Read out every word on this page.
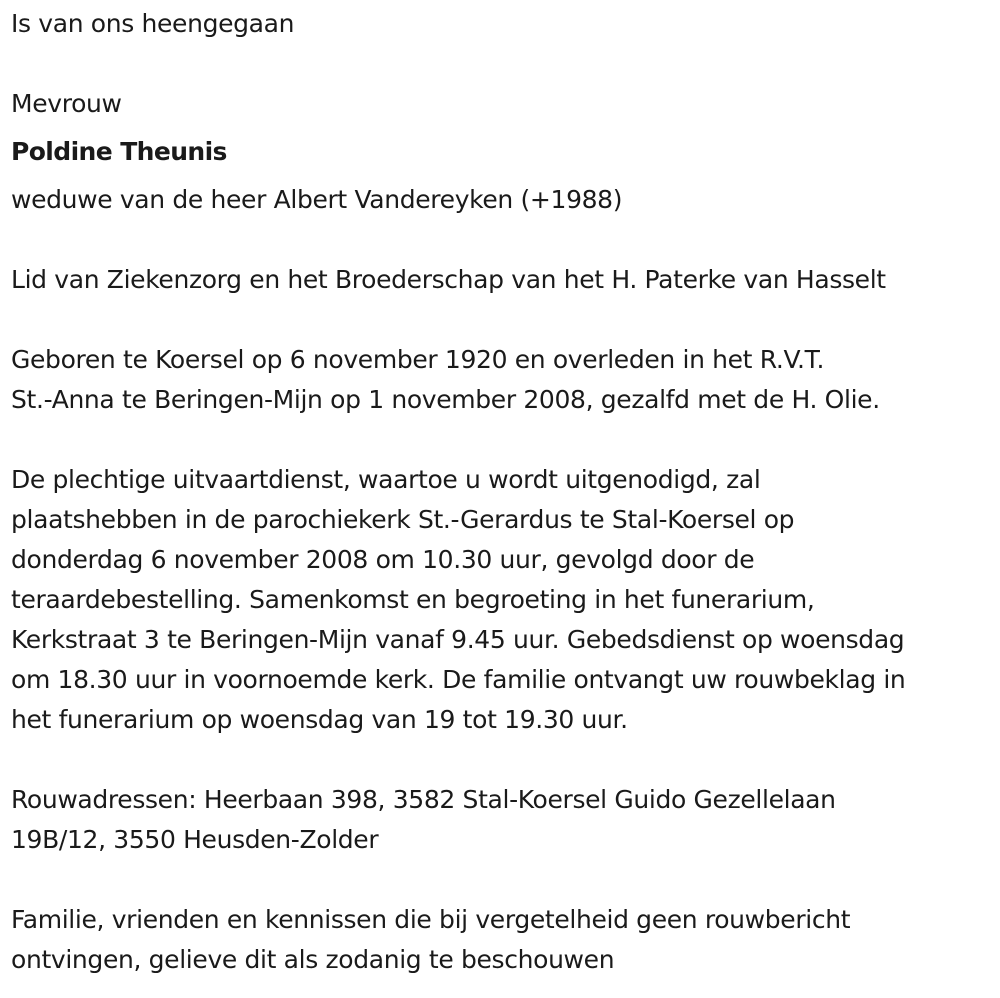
Is van ons heengegaan

Mevrouw

Poldine Theunis

weduwe van de heer Albert Vandereyken (+1988)

Lid van Ziekenzorg en het Broederschap van het H. Paterke van Hasselt

Geboren te Koersel op 6 november 1920 en overleden in het R.V.T.

St.-Anna te Beringen-Mijn op 1 november 2008, gezalfd met de H. Olie.

De plechtige uitvaartdienst, waartoe u wordt uitgenodigd, zal

plaatshebben in de parochiekerk St.-Gerardus te Stal-Koersel op

donderdag 6 november 2008 om 10.30 uur, gevolgd door de

teraardebestelling. Samenkomst en begroeting in het funerarium,

Kerkstraat 3 te Beringen-Mijn vanaf 9.45 uur. Gebedsdienst op woensdag

om 18.30 uur in voornoemde kerk. De familie ontvangt uw rouwbeklag in

het funerarium op woensdag van 19 tot 19.30 uur.

Rouwadressen: Heerbaan 398, 3582 Stal-Koersel Guido Gezellelaan

19B/12, 3550 Heusden-Zolder

Familie, vrienden en kennissen die bij vergetelheid geen rouwbericht

ontvingen, gelieve dit als zodanig te beschouwen
